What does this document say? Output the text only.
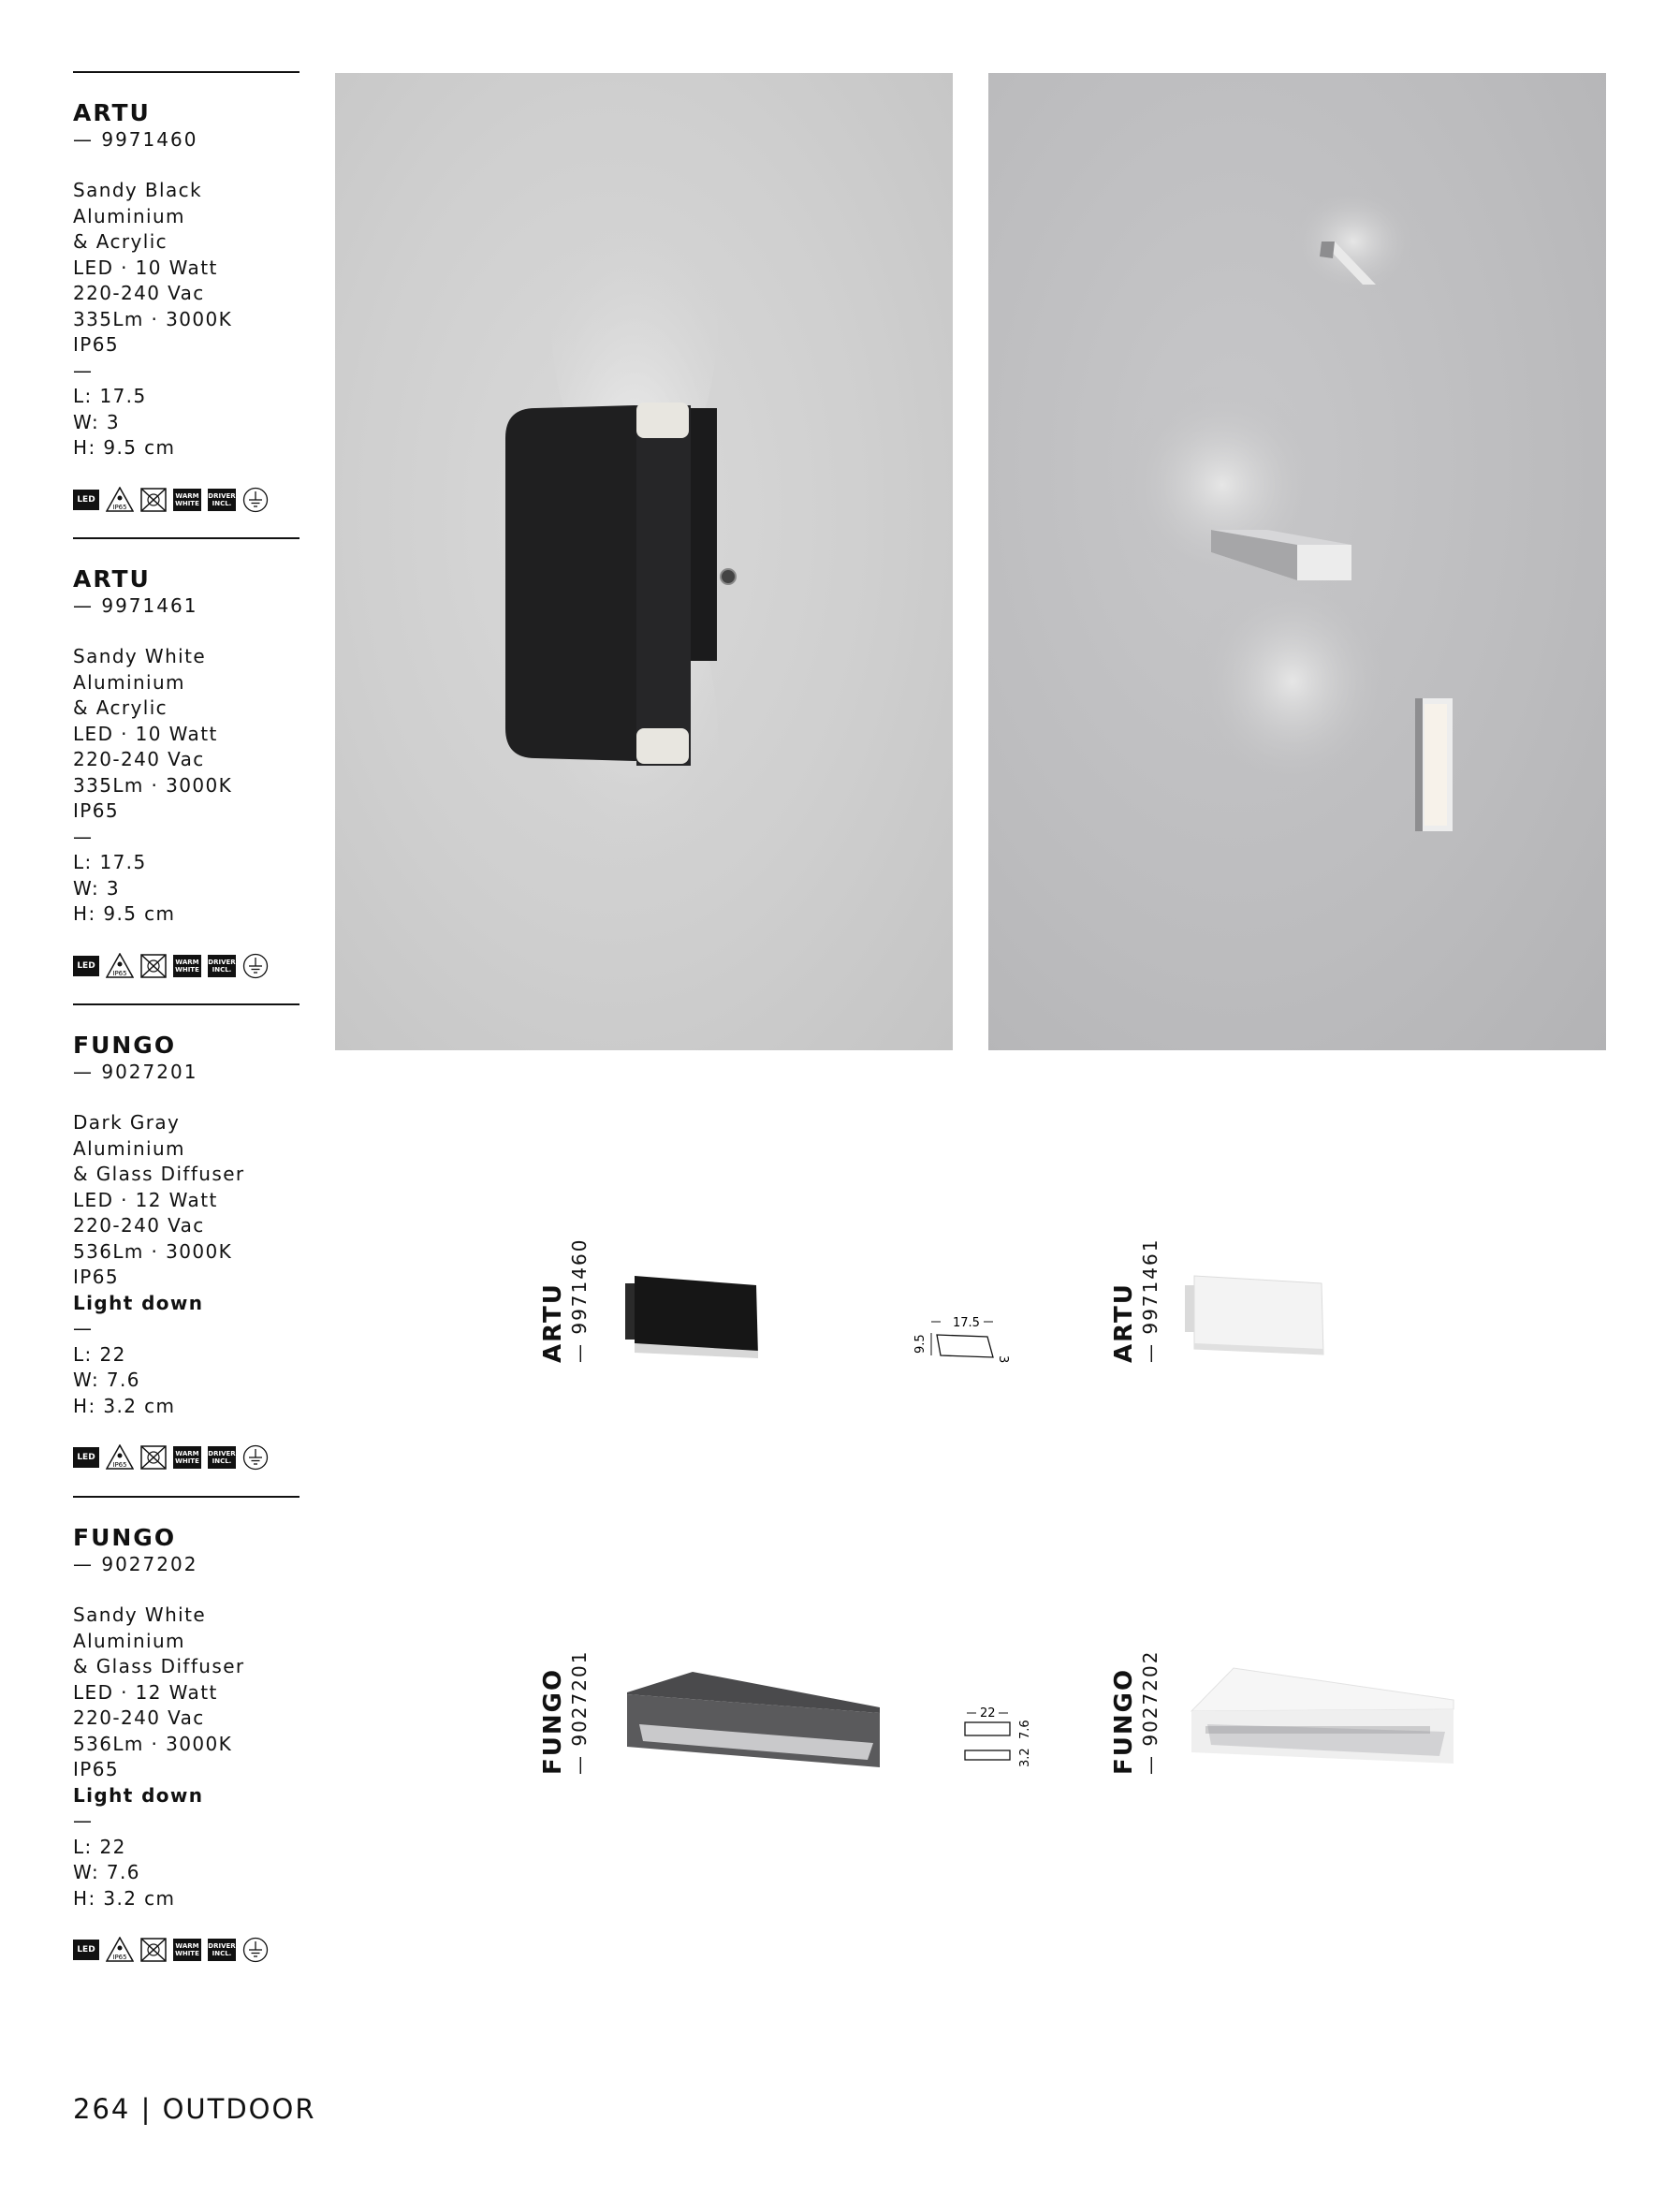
ARTU
— 9971460
Sandy Black
Aluminium
& Acrylic
LED · 10 Watt
220-240 Vac
335Lm · 3000K
IP65
—
L: 17.5
W: 3
H: 9.5 cm
LED
IP65
WARM
WHITE
DRIVER
INCL.
ARTU
— 9971461
Sandy White
Aluminium
& Acrylic
LED · 10 Watt
220-240 Vac
335Lm · 3000K
IP65
—
L: 17.5
W: 3
H: 9.5 cm
LED
IP65
WARM
WHITE
DRIVER
INCL.
FUNGO
— 9027201
Dark Gray
Aluminium
& Glass Diffuser
LED · 12 Watt
220-240 Vac
536Lm · 3000K
IP65
Light down
—
L: 22
W: 7.6
H: 3.2 cm
LED
IP65
WARM
WHITE
DRIVER
INCL.
FUNGO
— 9027202
Sandy White
Aluminium
& Glass Diffuser
LED · 12 Watt
220-240 Vac
536Lm · 3000K
IP65
Light down
—
L: 22
W: 7.6
H: 3.2 cm
LED
IP65
WARM
WHITE
DRIVER
INCL.
ARTU — 9971460	ARTU — 9971461
FUNGO — 9027201	FUNGO — 9027202
17.5
9.5
3
22
7.6
3.2
264 | OUTDOOR
